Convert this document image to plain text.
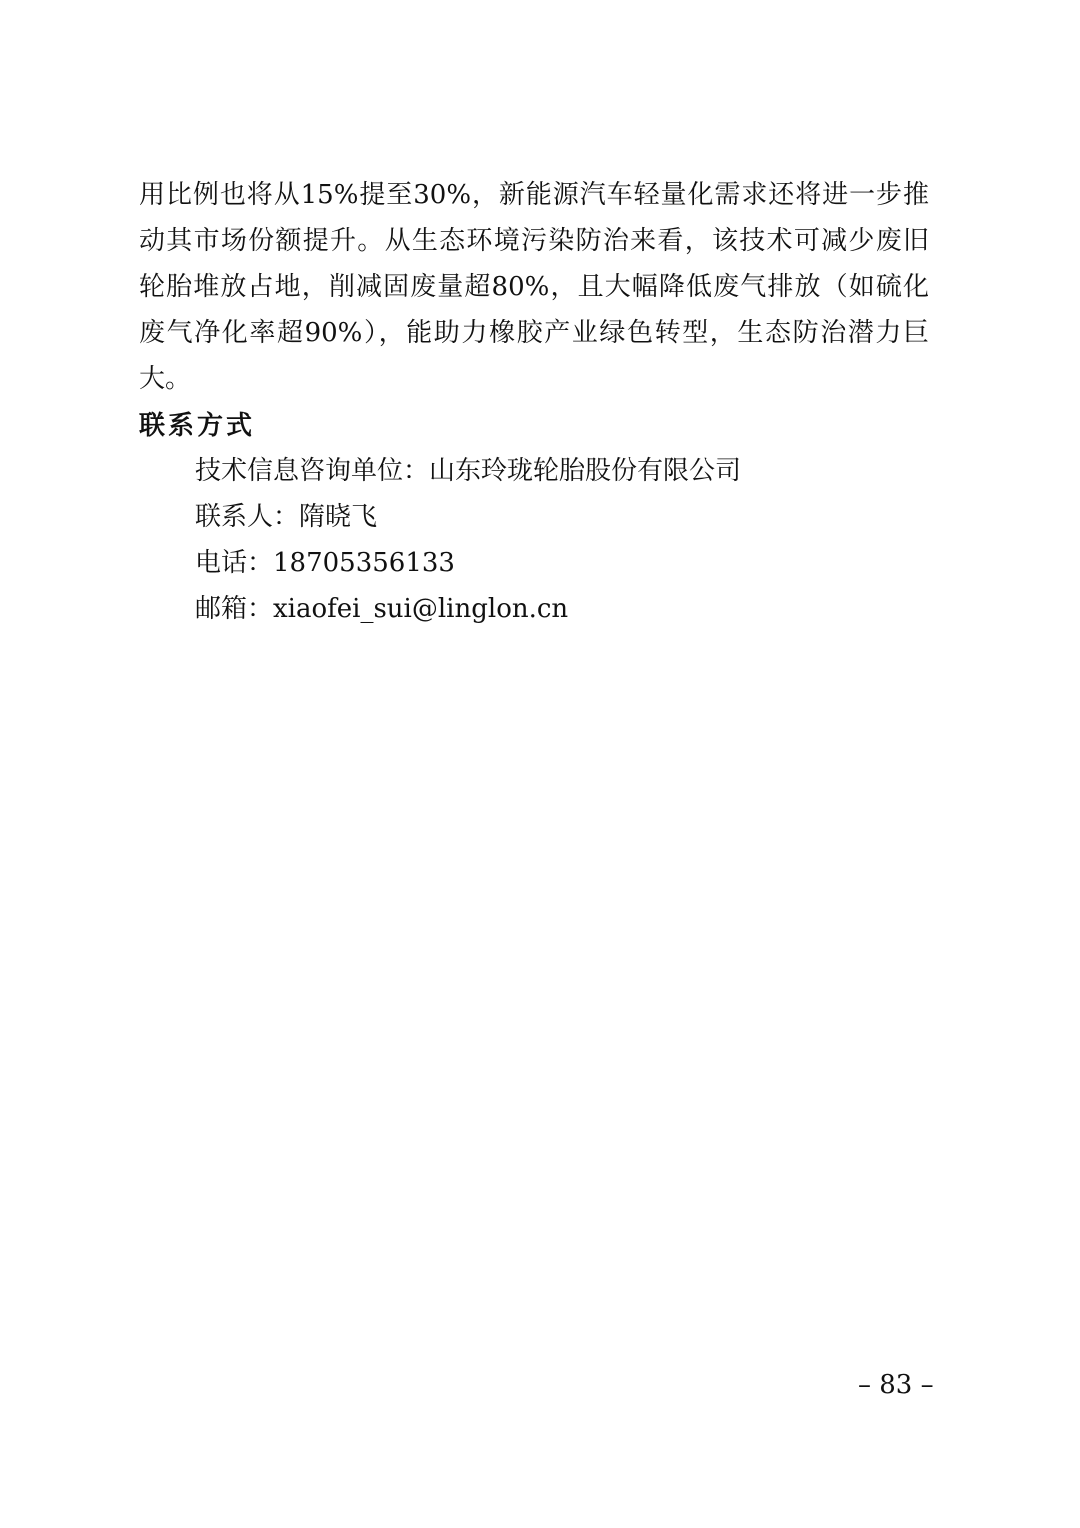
用比例也将从15%提至30%，新能源汽车轻量化需求还将进一步推
动其市场份额提升。从生态环境污染防治来看，该技术可减少废旧
轮胎堆放占地，削减固废量超80%，且大幅降低废气排放（如硫化
废气净化率超90%），能助力橡胶产业绿色转型，生态防治潜力巨
大。
联系方式
技术信息咨询单位：山东玲珑轮胎股份有限公司
联系人：隋晓飞
电话：18705356133
邮箱：xiaofei_sui@linglon.cn
– 83 –
